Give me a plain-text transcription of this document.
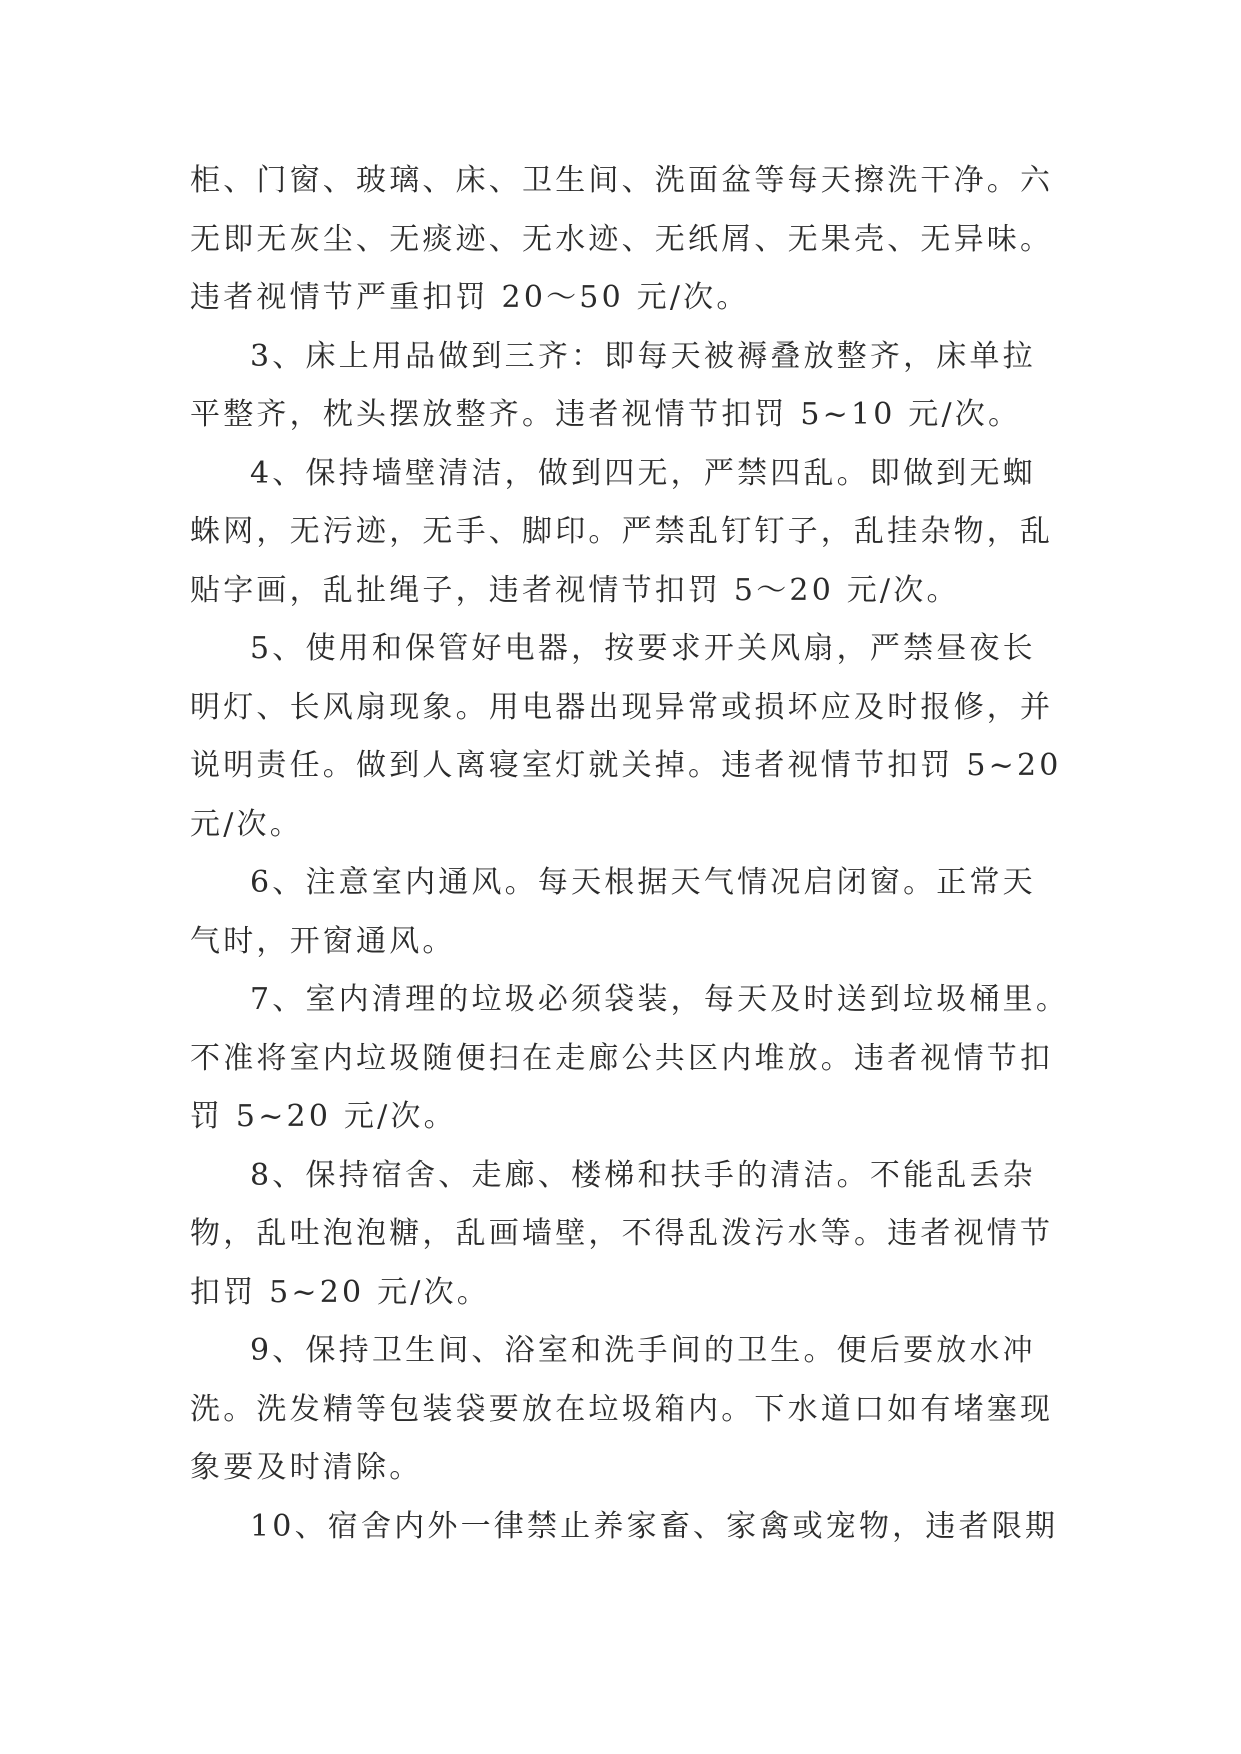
柜、门窗、玻璃、床、卫生间、洗面盆等每天擦洗干净。六
无即无灰尘、无痰迹、无水迹、无纸屑、无果壳、无异味。
违者视情节严重扣罚 20～50 元/次。
3、床上用品做到三齐：即每天被褥叠放整齐，床单拉
平整齐，枕头摆放整齐。违者视情节扣罚 5~10 元/次。
4、保持墙壁清洁，做到四无，严禁四乱。即做到无蜘
蛛网，无污迹，无手、脚印。严禁乱钉钉子，乱挂杂物，乱
贴字画，乱扯绳子，违者视情节扣罚 5～20 元/次。
5、使用和保管好电器，按要求开关风扇，严禁昼夜长
明灯、长风扇现象。用电器出现异常或损坏应及时报修，并
说明责任。做到人离寝室灯就关掉。违者视情节扣罚 5~20
元/次。
6、注意室内通风。每天根据天气情况启闭窗。正常天
气时，开窗通风。
7、室内清理的垃圾必须袋装，每天及时送到垃圾桶里。
不准将室内垃圾随便扫在走廊公共区内堆放。违者视情节扣
罚 5~20 元/次。
8、保持宿舍、走廊、楼梯和扶手的清洁。不能乱丢杂
物，乱吐泡泡糖，乱画墙壁，不得乱泼污水等。违者视情节
扣罚 5~20 元/次。
9、保持卫生间、浴室和洗手间的卫生。便后要放水冲
洗。洗发精等包装袋要放在垃圾箱内。下水道口如有堵塞现
象要及时清除。
10、宿舍内外一律禁止养家畜、家禽或宠物，违者限期
